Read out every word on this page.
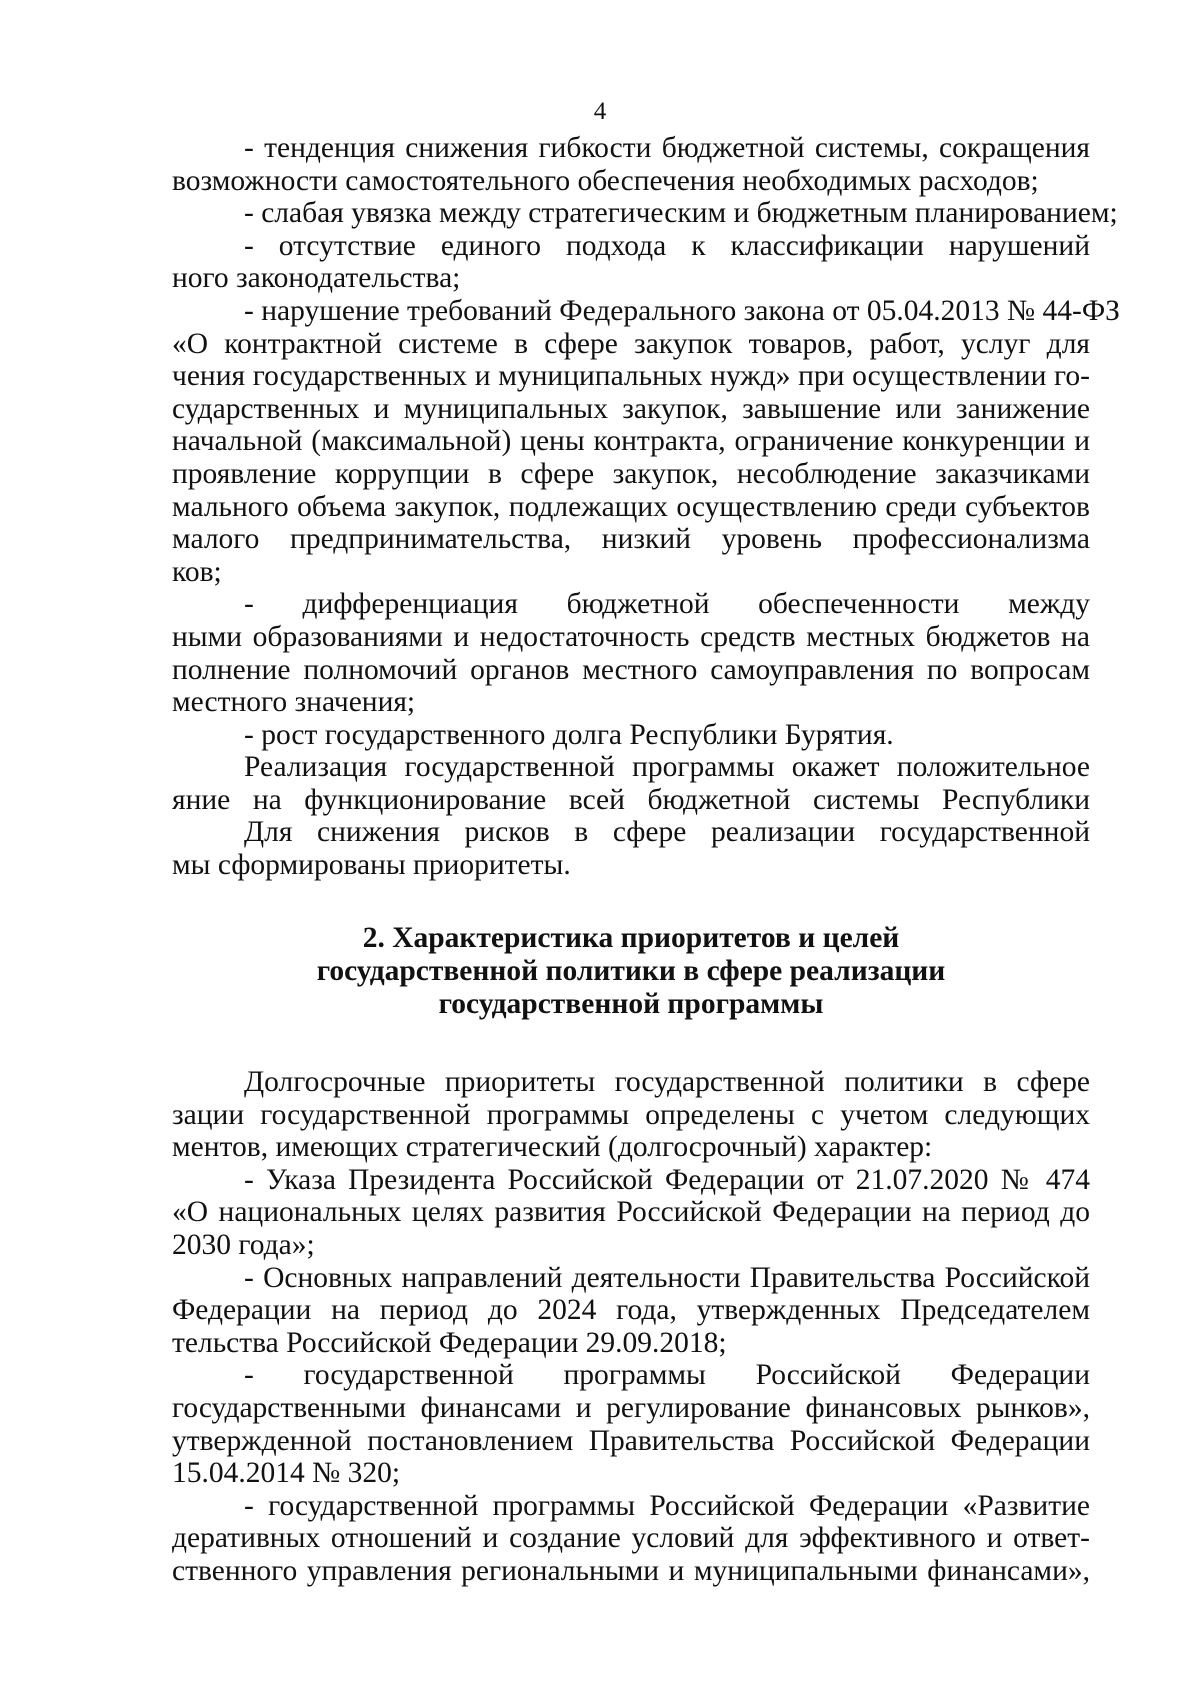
4
- тенденция снижения гибкости бюджетной системы, сокращения
возможности самостоятельного обеспечения необходимых расходов;
- слабая увязка между стратегическим и бюджетным планированием;
- отсутствие единого подхода к классификации нарушений
ного законодательства;
- нарушение требований Федерального закона от 05.04.2013 № 44-ФЗ
«О контрактной системе в сфере закупок товаров, работ, услуг для
чения государственных и муниципальных нужд» при осуществлении го-
сударственных и муниципальных закупок, завышение или занижение
начальной (максимальной) цены контракта, ограничение конкуренции и
проявление коррупции в сфере закупок, несоблюдение заказчиками
мального объема закупок, подлежащих осуществлению среди субъектов
малого предпринимательства, низкий уровень профессионализма
ков;
- дифференциация бюджетной обеспеченности между
ными образованиями и недостаточность средств местных бюджетов на
полнение полномочий органов местного самоуправления по вопросам
местного значения;
- рост государственного долга Республики Бурятия.
Реализация государственной программы окажет положительное
яние на функционирование всей бюджетной системы Республики
Для снижения рисков в сфере реализации государственной
мы сформированы приоритеты.
2. Характеристика приоритетов и целей
государственной политики в сфере реализации
государственной программы
Долгосрочные приоритеты государственной политики в сфере
зации государственной программы определены с учетом следующих
ментов, имеющих стратегический (долгосрочный) характер:
- Указа Президента Российской Федерации от 21.07.2020 № 474
«О национальных целях развития Российской Федерации на период до
2030 года»;
- Основных направлений деятельности Правительства Российской
Федерации на период до 2024 года, утвержденных Председателем
тельства Российской Федерации 29.09.2018;
- государственной программы Российской Федерации
государственными финансами и регулирование финансовых рынков»,
утвержденной постановлением Правительства Российской Федерации
15.04.2014 № 320;
- государственной программы Российской Федерации «Развитие
деративных отношений и создание условий для эффективного и ответ-
ственного управления региональными и муниципальными финансами»,
